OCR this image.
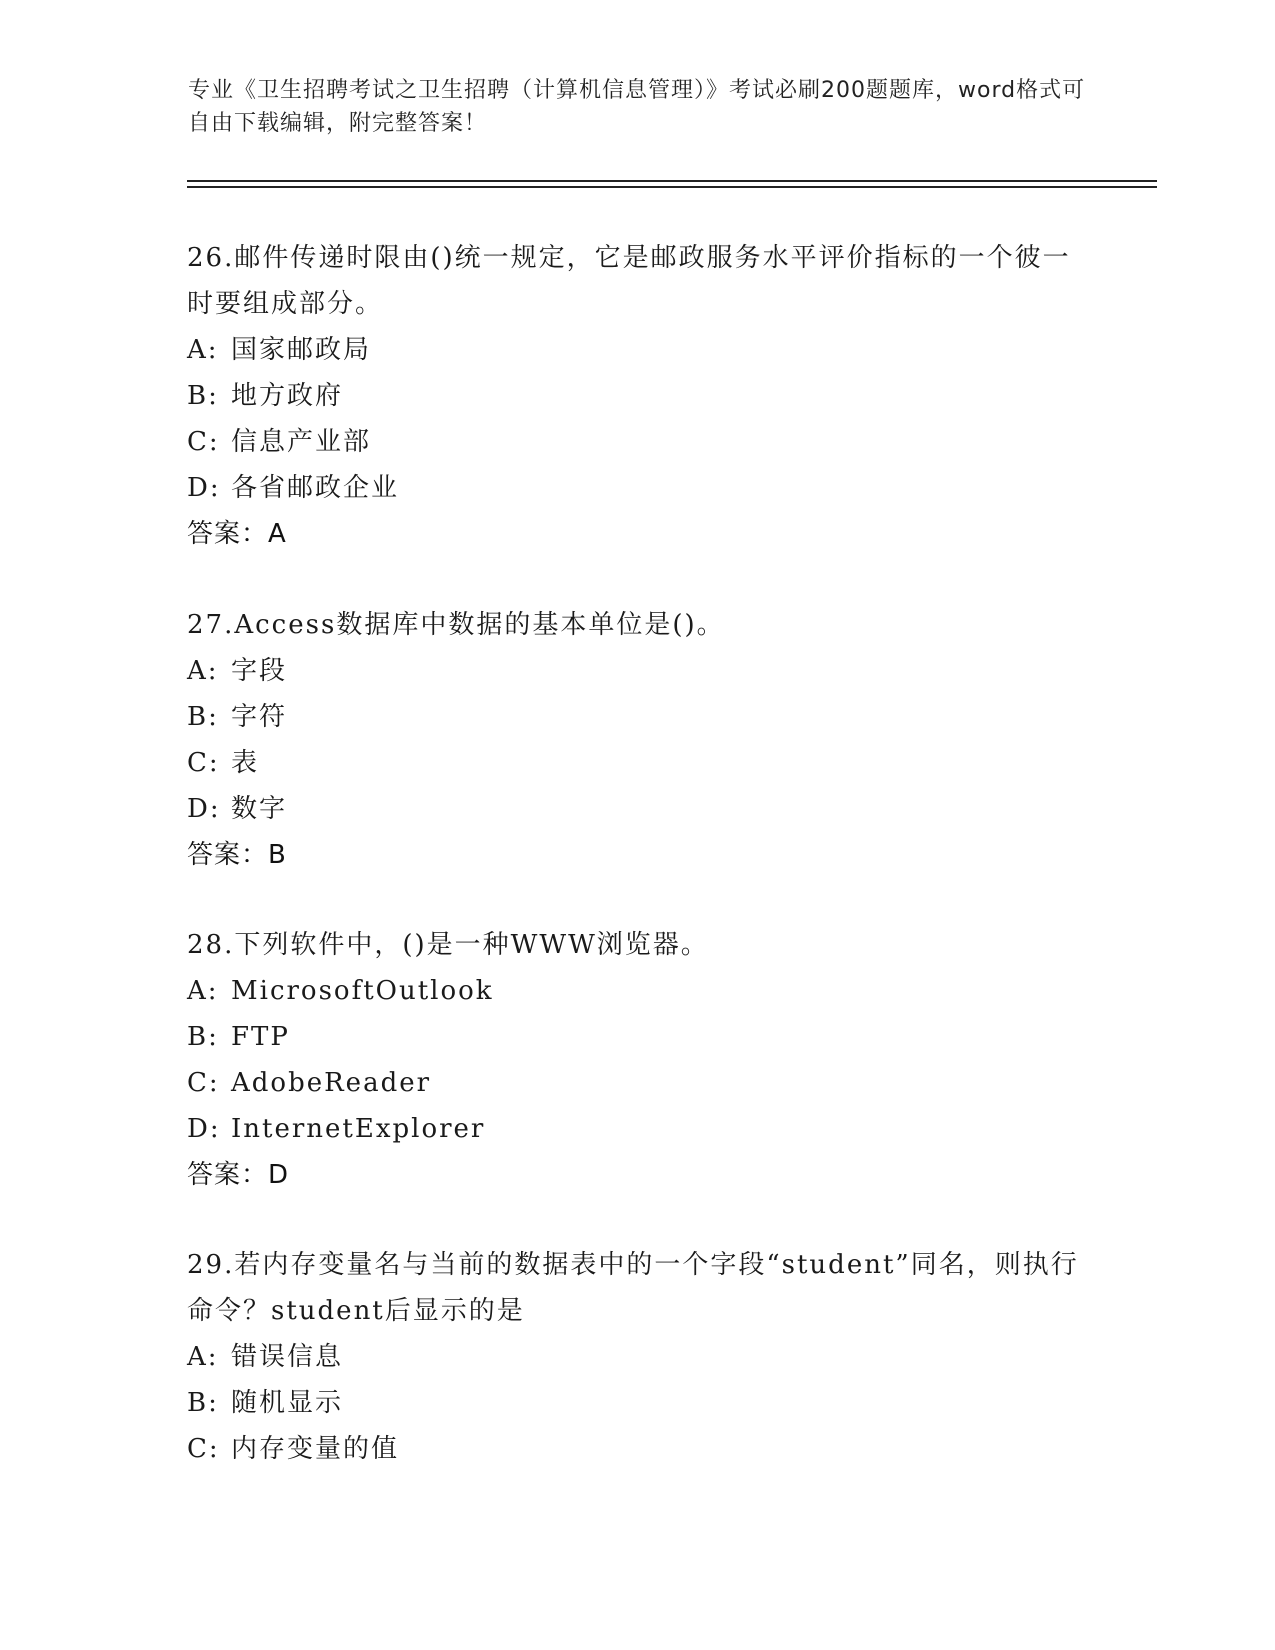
专业《卫生招聘考试之卫生招聘（计算机信息管理）》考试必刷200题题库，word格式可自由下载编辑，附完整答案！

26.邮件传递时限由()统一规定，它是邮政服务水平评价指标的一个彼一时要组成部分。

A: 国家邮政局

B: 地方政府

C: 信息产业部

D: 各省邮政企业

答案：A

27.Access数据库中数据的基本单位是()。

A: 字段

B: 字符

C: 表

D: 数字

答案：B

28.下列软件中，()是一种WWW浏览器。

A: MicrosoftOutlook

B: FTP

C: AdobeReader

D: InternetExplorer

答案：D

29.若内存变量名与当前的数据表中的一个字段“student”同名，则执行命令？student后显示的是

A: 错误信息

B: 随机显示

C: 内存变量的值
